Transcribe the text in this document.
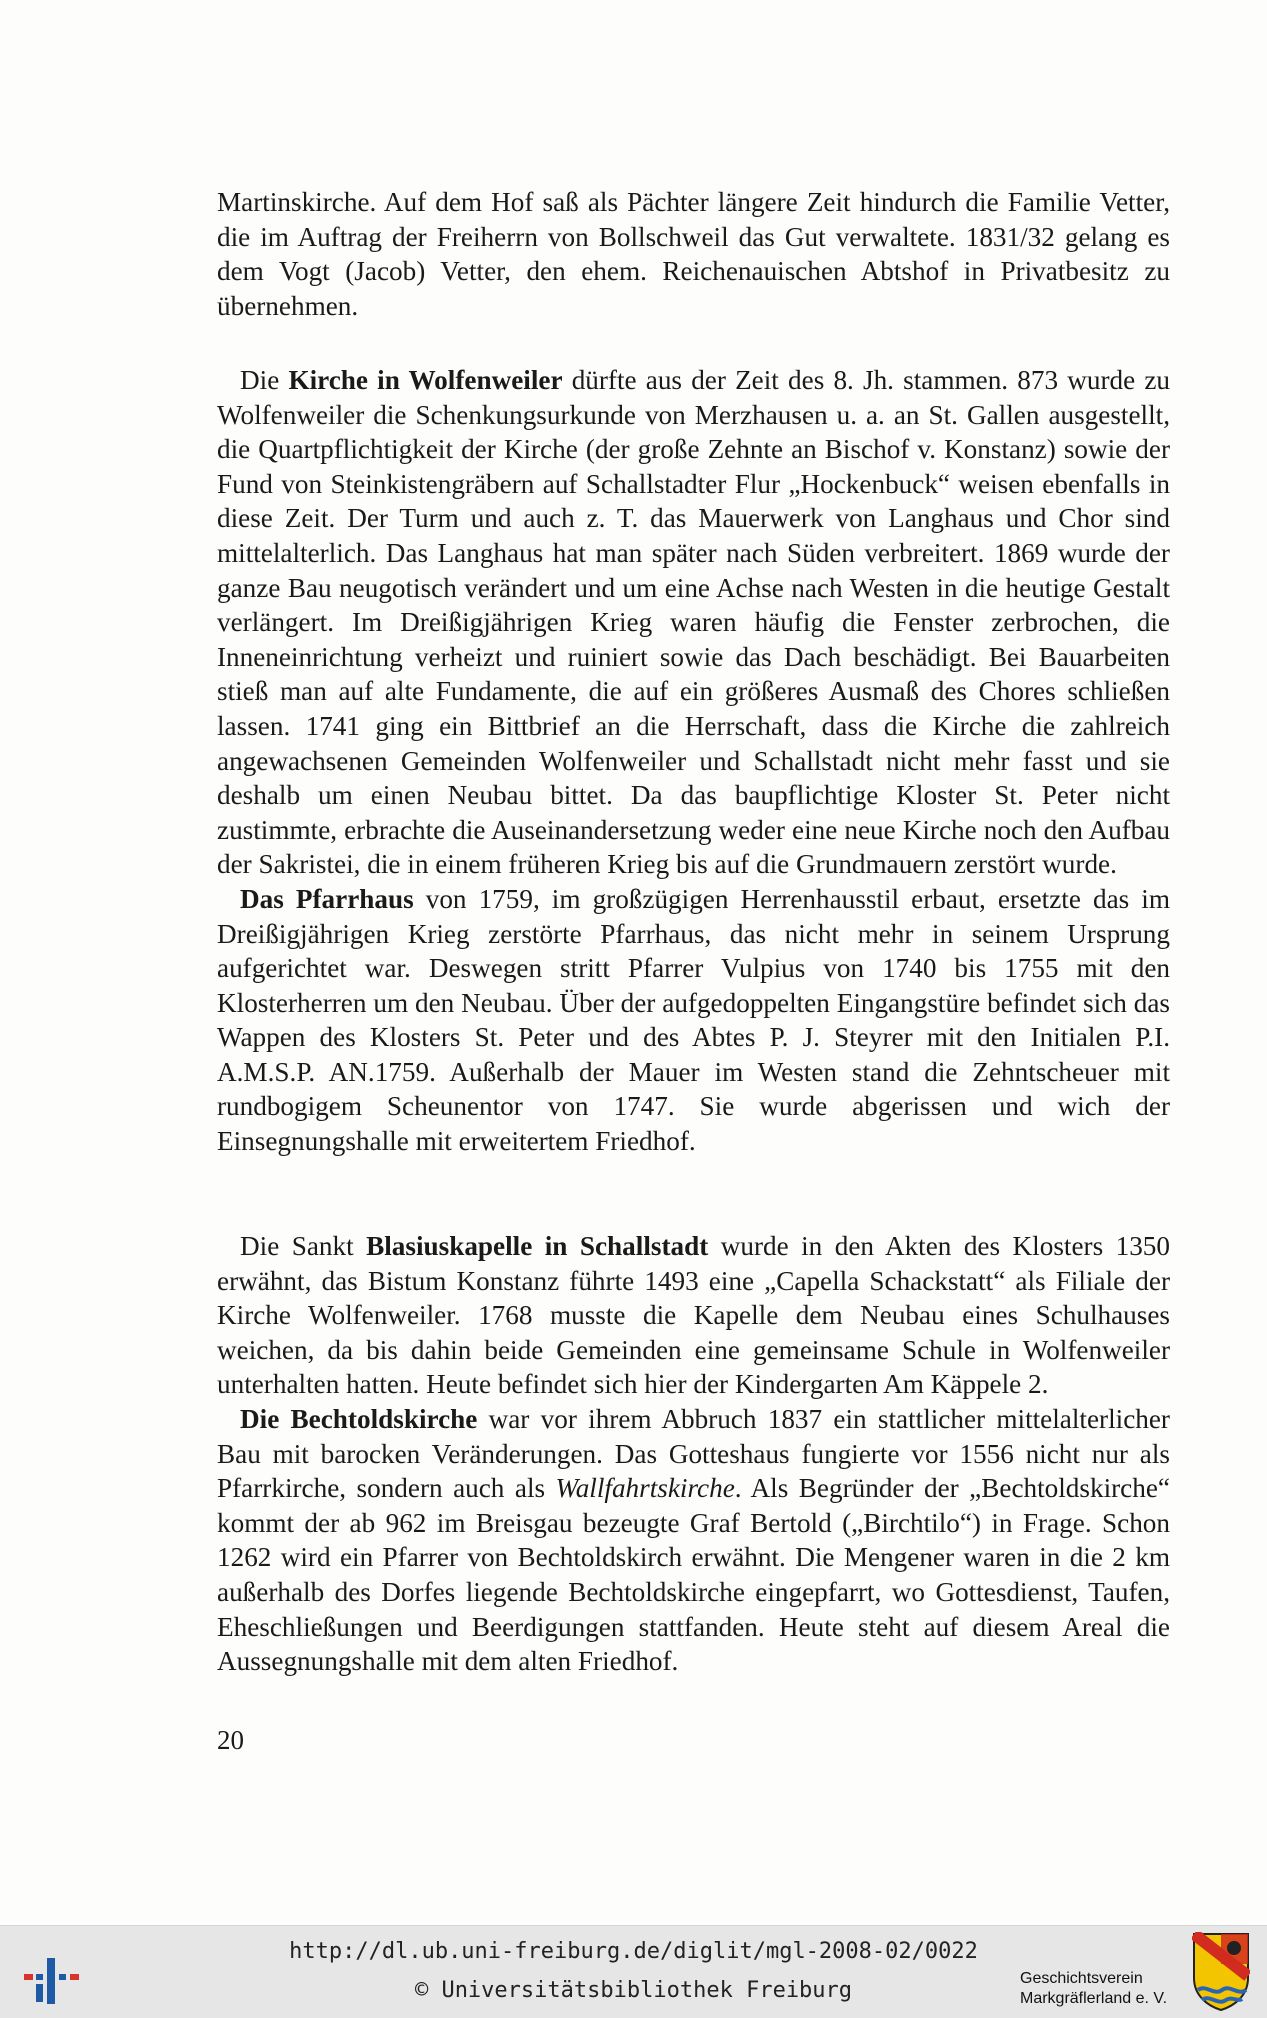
Martinskirche. Auf dem Hof saß als Pächter längere Zeit hindurch die Familie Vetter, die im Auftrag der Freiherrn von Bollschweil das Gut verwaltete. 1831/32 gelang es dem Vogt (Jacob) Vetter, den ehem. Reichenauischen Abtshof in Privatbesitz zu übernehmen.

Die Kirche in Wolfenweiler dürfte aus der Zeit des 8. Jh. stammen. 873 wurde zu Wolfenweiler die Schenkungsurkunde von Merzhausen u. a. an St. Gallen ausgestellt, die Quartpflichtigkeit der Kirche (der große Zehnte an Bischof v. Konstanz) sowie der Fund von Steinkistengräbern auf Schallstadter Flur „Hockenbuck“ weisen ebenfalls in diese Zeit. Der Turm und auch z. T. das Mauerwerk von Langhaus und Chor sind mittelalterlich. Das Langhaus hat man später nach Süden verbreitert. 1869 wurde der ganze Bau neugotisch verändert und um eine Achse nach Westen in die heutige Gestalt verlängert. Im Dreißigjährigen Krieg waren häufig die Fenster zerbrochen, die Inneneinrichtung verheizt und ruiniert sowie das Dach beschädigt. Bei Bauarbeiten stieß man auf alte Fundamente, die auf ein größeres Ausmaß des Chores schließen lassen. 1741 ging ein Bittbrief an die Herrschaft, dass die Kirche die zahlreich angewachsenen Gemeinden Wolfenweiler und Schallstadt nicht mehr fasst und sie deshalb um einen Neubau bittet. Da das baupflichtige Kloster St. Peter nicht zustimmte, erbrachte die Auseinandersetzung weder eine neue Kirche noch den Aufbau der Sakristei, die in einem früheren Krieg bis auf die Grundmauern zerstört wurde.

Das Pfarrhaus von 1759, im großzügigen Herrenhausstil erbaut, ersetzte das im Dreißigjährigen Krieg zerstörte Pfarrhaus, das nicht mehr in seinem Ursprung aufgerichtet war. Deswegen stritt Pfarrer Vulpius von 1740 bis 1755 mit den Klosterherren um den Neubau. Über der aufgedoppelten Eingangstüre befindet sich das Wappen des Klosters St. Peter und des Abtes P. J. Steyrer mit den Initialen P.I. A.M.S.P. AN.1759. Außerhalb der Mauer im Westen stand die Zehntscheuer mit rundbogigem Scheunentor von 1747. Sie wurde abgerissen und wich der Einsegnungshalle mit erweitertem Friedhof.

Die Sankt Blasiuskapelle in Schallstadt wurde in den Akten des Klosters 1350 erwähnt, das Bistum Konstanz führte 1493 eine „Capella Schackstatt“ als Filiale der Kirche Wolfenweiler. 1768 musste die Kapelle dem Neubau eines Schulhauses weichen, da bis dahin beide Gemeinden eine gemeinsame Schule in Wolfenweiler unterhalten hatten. Heute befindet sich hier der Kindergarten Am Käppele 2.

Die Bechtoldskirche war vor ihrem Abbruch 1837 ein stattlicher mittelalterlicher Bau mit barocken Veränderungen. Das Gotteshaus fungierte vor 1556 nicht nur als Pfarrkirche, sondern auch als Wallfahrtskirche. Als Begründer der „Bechtoldskirche“ kommt der ab 962 im Breisgau bezeugte Graf Bertold („Birchtilo“) in Frage. Schon 1262 wird ein Pfarrer von Bechtoldskirch erwähnt. Die Mengener waren in die 2 km außerhalb des Dorfes liegende Bechtoldskirche eingepfarrt, wo Gottesdienst, Taufen, Eheschließungen und Beerdigungen stattfanden. Heute steht auf diesem Areal die Aussegnungshalle mit dem alten Friedhof.

20
http://dl.ub.uni-freiburg.de/diglit/mgl-2008-02/0022
© Universitätsbibliothek Freiburg	Geschichtsverein
Markgräflerland e. V.
